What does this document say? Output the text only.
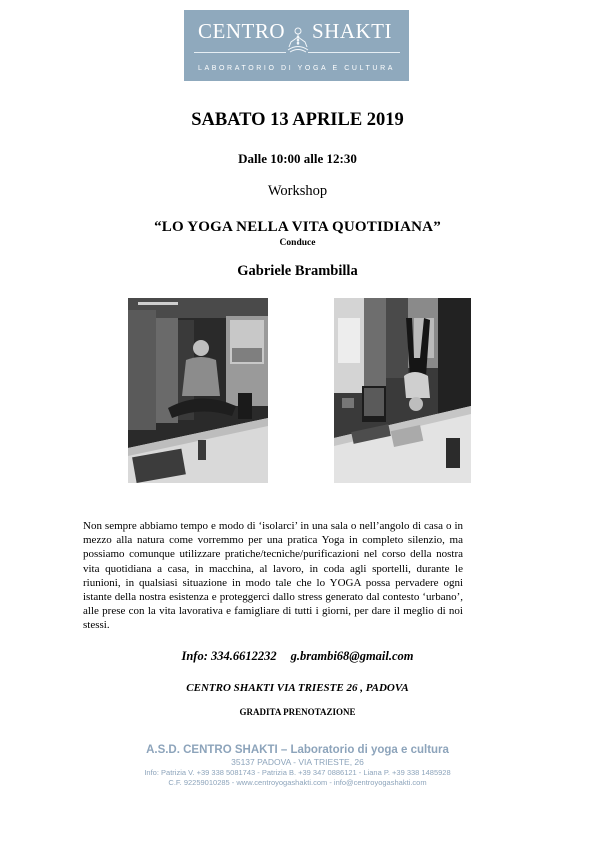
CENTRO SHAKTI
LABORATORIO DI YOGA E CULTURA
SABATO 13 APRILE 2019
Dalle 10:00 alle 12:30
Workshop
“LO YOGA NELLA VITA QUOTIDIANA”
Conduce
Gabriele Brambilla
Non sempre abbiamo tempo e modo di ‘isolarci’ in una sala o nell’angolo di casa o in mezzo alla natura come vorremmo per una pratica Yoga in completo silenzio, ma possiamo comunque utilizzare pratiche/tecniche/purificazioni nel corso della nostra vita quotidiana a casa, in macchina, al lavoro, in coda agli sportelli, durante le riunioni, in qualsiasi situazione in modo tale che lo YOGA possa pervadere ogni istante della nostra esistenza e proteggerci dallo stress generato dal contesto ‘urbano’, alle prese con la vita lavorativa e famigliare di tutti i giorni, per dare il meglio di noi stessi.
Info: 334.6612232 g.brambi68@gmail.com
CENTRO SHAKTI VIA TRIESTE 26 , PADOVA
GRADITA PRENOTAZIONE
A.S.D. CENTRO SHAKTI – Laboratorio di yoga e cultura
35137 PADOVA - VIA TRIESTE, 26
Info: Patrizia V. +39 338 5081743 - Patrizia B. +39 347 0886121 - Liana P. +39 338 1485928
C.F. 92259010285 - www.centroyogashakti.com - info@centroyogashakti.com
